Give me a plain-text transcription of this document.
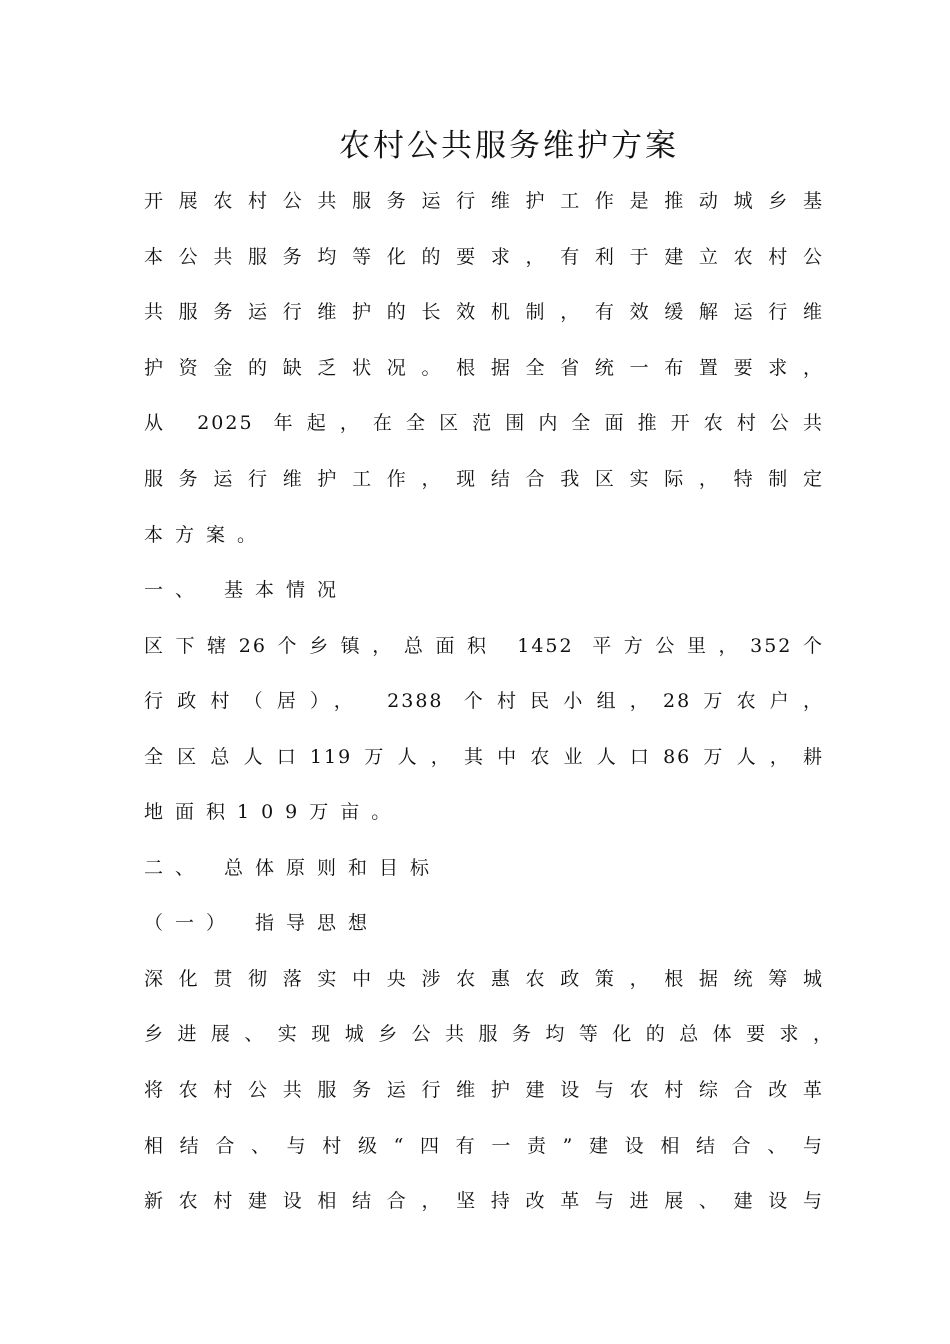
农村公共服务维护方案
开展农村公共服务运行维护工作是推动城乡基
本公共服务均等化的要求，有利于建立农村公
共服务运行维护的长效机制，有效缓解运行维
护资金的缺乏状况。根据全省统一布置要求，
从 2025 年起，在全区范围内全面推开农村公共
服务运行维护工作，现结合我区实际，特制定
本方案。
一、 基本情况
区下辖26个乡镇，总面积 1452 平方公里，352个
行政村（居）， 2388 个村民小组，28万农户，
全区总人口119万人，其中农业人口86万人，耕
地面积109万亩。
二、 总体原则和目标
（一） 指导思想
深化贯彻落实中央涉农惠农政策，根据统筹城
乡进展、实现城乡公共服务均等化的总体要求，
将农村公共服务运行维护建设与农村综合改革
相结合、与村级“四有一责”建设相结合、与
新农村建设相结合，坚持改革与进展、建设与
